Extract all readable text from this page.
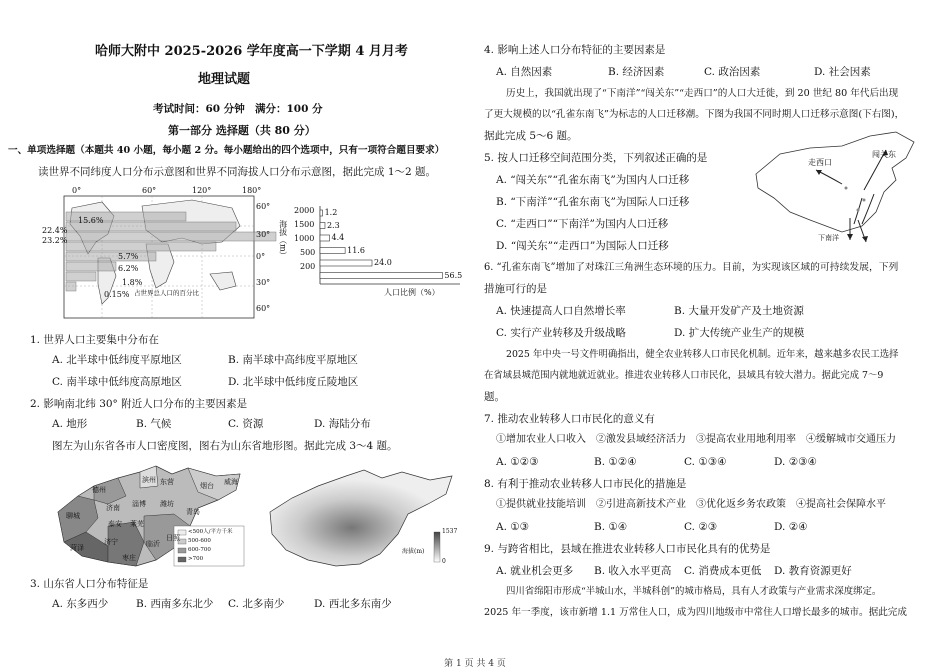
哈师大附中 2025-2026 学年度高一下学期 4 月月考
地理试题
考试时间：60 分钟 满分：100 分
第一部分 选择题（共 80 分）
一、单项选择题（本题共 40 小题，每小题 2 分。每小题给出的四个选项中，只有一项符合题目要求）
读世界不同纬度人口分布示意图和世界不同海拔人口分布示意图，据此完成 1～2 题。
0°	60°	120°	180°
60°
30°
0°
30°
60°
15.6%
22.4%
23.2%
5.7%
6.2%
1.8%
0.15% 占世界总人口的百分比
海拔（m）
人口比例（%）
2000
1500
1000
500
200
1.2
2.3
4.4
11.6
24.0
56.5
1. 世界人口主要集中分布在
A. 北半球中低纬度平原地区	B. 南半球中高纬度平原地区
C. 南半球中低纬度高原地区	D. 北半球中低纬度丘陵地区
2. 影响南北纬 30° 附近人口分布的主要因素是
A. 地形	B. 气候	C. 资源	D. 海陆分布
图左为山东省各市人口密度图，图右为山东省地形图。据此完成 3～4 题。
德州
滨州 东营	烟台 威海
聊城
济南 淄博 潍坊
青岛
泰安 莱芜
日照
临沂
济宁
菏泽
枣庄
<500人/平方千米
500-600
600-700
>700
海拔(m)
1537
0
3. 山东省人口分布特征是
A. 东多西少	B. 西南多东北少 C. 北多南少	D. 西北多东南少
4. 影响上述人口分布特征的主要因素是
A. 自然因素	B. 经济因素	C. 政治因素	D. 社会因素
历史上，我国就出现了“下南洋”“闯关东”“走西口”的人口大迁徙，到 20 世纪 80 年代后出现
了更大规模的以“孔雀东南飞”为标志的人口迁移潮。下图为我国不同时期人口迁移示意图(下右图)，
据此完成 5～6 题。
5. 按人口迁移空间范围分类，下列叙述正确的是
A. “闯关东”“孔雀东南飞”为国内人口迁移
B. “下南洋”“孔雀东南飞”为国际人口迁移
C. “走西口”“下南洋”为国内人口迁移
D. “闯关东”“走西口”为国际人口迁移
闯关东
走西口
下南洋
6. “孔雀东南飞”增加了对珠江三角洲生态环境的压力。目前，为实现该区域的可持续发展，下列
措施可行的是
A. 快速提高人口自然增长率	B. 大量开发矿产及土地资源
C. 实行产业转移及升级战略	D. 扩大传统产业生产的规模
2025 年中央一号文件明确指出，健全农业转移人口市民化机制。近年来，越来越多农民工选择
在省域县城范围内就地就近就业。推进农业转移人口市民化，县域具有较大潜力。据此完成 7～9
题。
7. 推动农业转移人口市民化的意义有
①增加农业人口收入　②激发县域经济活力　③提高农业用地利用率　④缓解城市交通压力
A. ①②③	B. ①②④	C. ①③④	D. ②③④
8. 有利于推动农业转移人口市民化的措施是
①提供就业技能培训　②引进高新技术产业　③优化返乡务农政策　④提高社会保障水平
A. ①③	B. ①④	C. ②③	D. ②④
9. 与跨省相比，县域在推进农业转移人口市民化具有的优势是
A. 就业机会更多 B. 收入水平更高 C. 消费成本更低 D. 教育资源更好
四川省绵阳市形成“半城山水，半城科创”的城市格局，具有人才政策与产业需求深度绑定。
2025 年一季度，该市新增 1.1 万常住人口，成为四川地级市中常住人口增长最多的城市。据此完成
第 1 页 共 4 页
